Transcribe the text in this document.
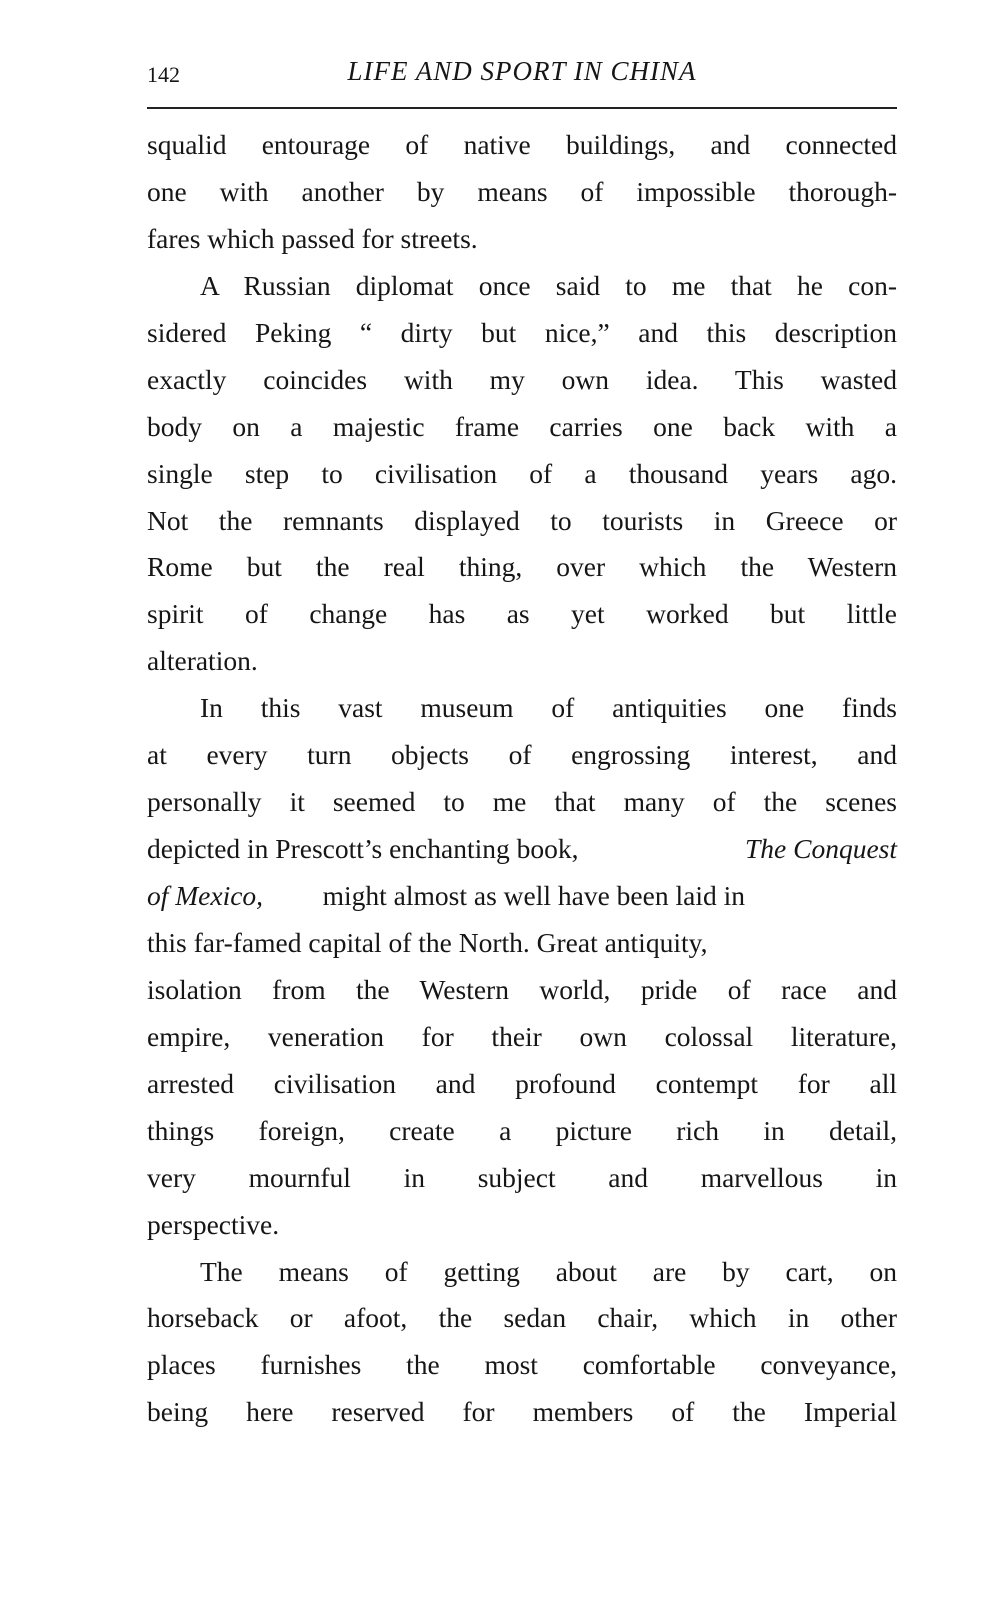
142	LIFE AND SPORT IN CHINA
squalid entourage of native buildings, and connected
one with another by means of impossible thorough-
fares which passed for streets.
A Russian diplomat once said to me that he con-
sidered Peking “ dirty but nice,” and this description
exactly coincides with my own idea. This wasted
body on a majestic frame carries one back with a
single step to civilisation of a thousand years ago.
Not the remnants displayed to tourists in Greece or
Rome but the real thing, over which the Western
spirit of change has as yet worked but little
alteration.
In this vast museum of antiquities one finds
at every turn objects of engrossing interest, and
personally it seemed to me that many of the scenes
depicted in Prescott’s enchanting book,	The Conquest
of Mexico, might almost as well have been laid in
this far-famed capital of the North. Great antiquity,
isolation from the Western world, pride of race and
empire, veneration for their own colossal literature,
arrested civilisation and profound contempt for all
things foreign, create a picture rich in detail,
very mournful in subject and marvellous in
perspective.
The means of getting about are by cart, on
horseback or afoot, the sedan chair, which in other
places furnishes the most comfortable conveyance,
being here reserved for members of the Imperial
